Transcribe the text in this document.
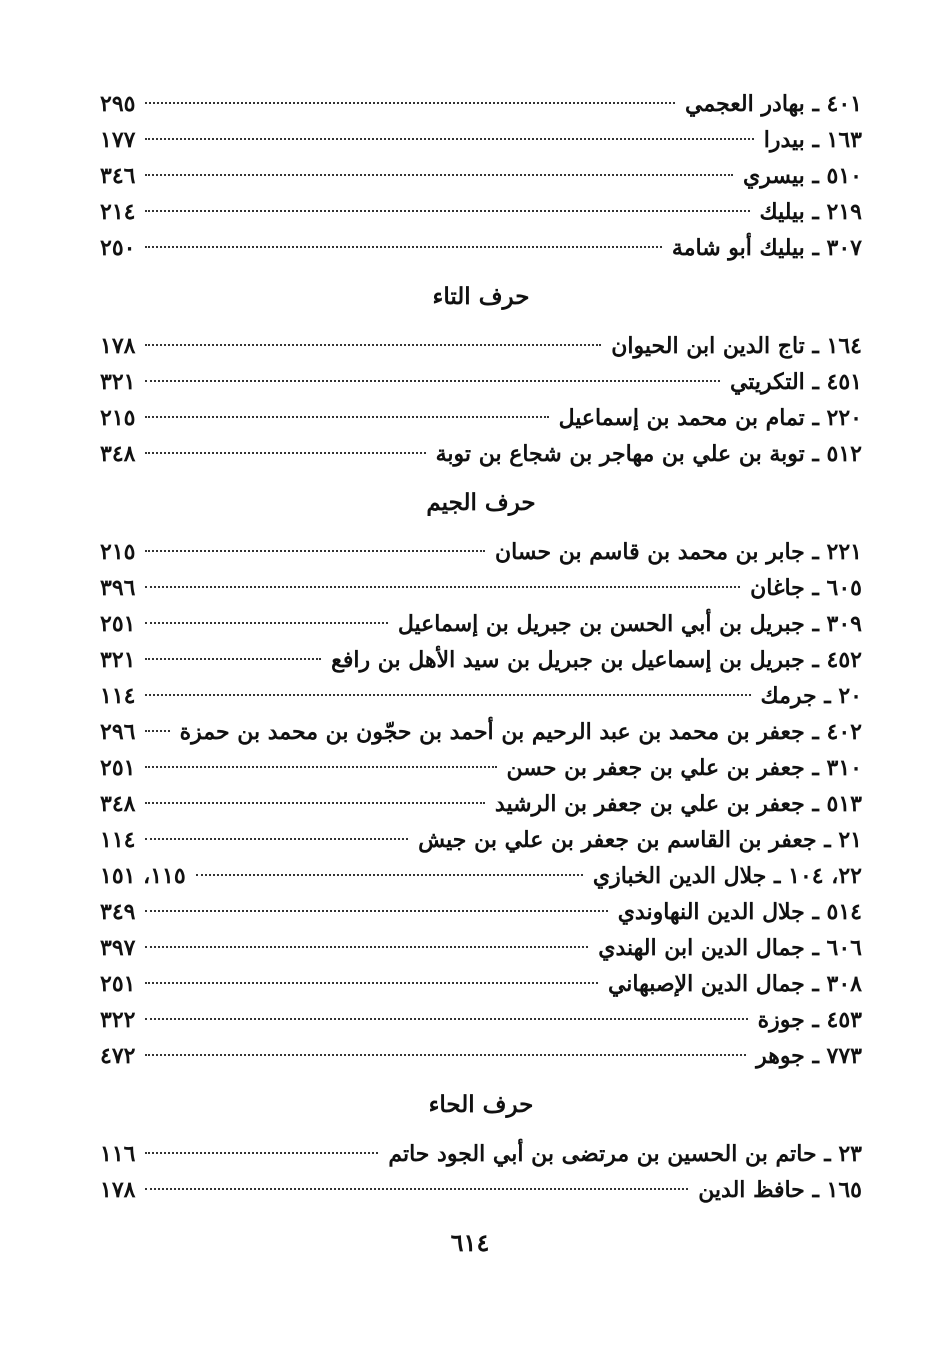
٤٠١ ـ بهادر العجمي
٢٩٥
١٦٣ ـ بيدرا
١٧٧
٥١٠ ـ بيسري
٣٤٦
٢١٩ ـ بيليك
٢١٤
٣٠٧ ـ بيليك أبو شامة
٢٥٠
حرف التاء
١٦٤ ـ تاج الدين ابن الحيوان
١٧٨
٤٥١ ـ التكريتي
٣٢١
٢٢٠ ـ تمام بن محمد بن إسماعيل
٢١٥
٥١٢ ـ توبة بن علي بن مهاجر بن شجاع بن توبة
٣٤٨
حرف الجيم
٢٢١ ـ جابر بن محمد بن قاسم بن حسان
٢١٥
٦٠٥ ـ جاغان
٣٩٦
٣٠٩ ـ جبريل بن أبي الحسن بن جبريل بن إسماعيل
٢٥١
٤٥٢ ـ جبريل بن إسماعيل بن جبريل بن سيد الأهل بن رافع
٣٢١
٢٠ ـ جرمك
١١٤
٤٠٢ ـ جعفر بن محمد بن عبد الرحيم بن أحمد بن حجّون بن محمد بن حمزة
٢٩٦
٣١٠ ـ جعفر بن علي بن جعفر بن حسن
٢٥١
٥١٣ ـ جعفر بن علي بن جعفر بن الرشيد
٣٤٨
٢١ ـ جعفر بن القاسم بن جعفر بن علي بن جيش
١١٤
٢٢، ١٠٤ ـ جلال الدين الخبازي
١١٥، ١٥١
٥١٤ ـ جلال الدين النهاوندي
٣٤٩
٦٠٦ ـ جمال الدين ابن الهندي
٣٩٧
٣٠٨ ـ جمال الدين الإصبهاني
٢٥١
٤٥٣ ـ جوزة
٣٢٢
٧٧٣ ـ جوهر
٤٧٢
حرف الحاء
٢٣ ـ حاتم بن الحسين بن مرتضى بن أبي الجود حاتم
١١٦
١٦٥ ـ حافظ الدين
١٧٨
٦١٤
